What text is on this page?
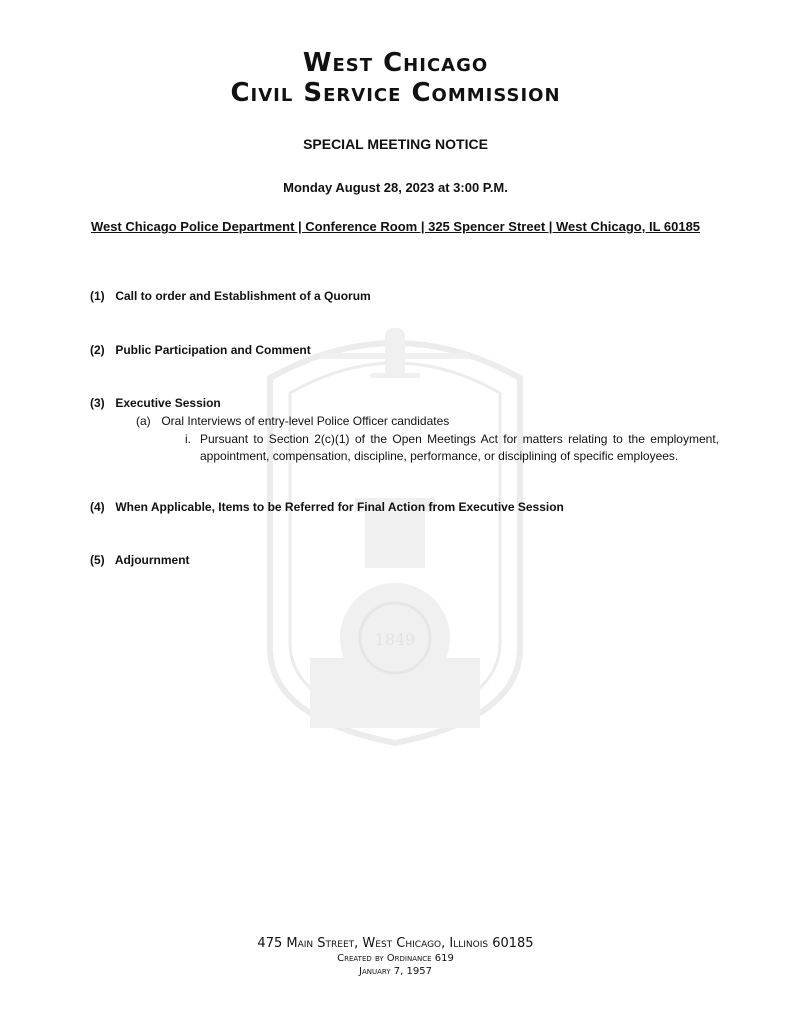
1849
West Chicago
Civil Service Commission
SPECIAL MEETING NOTICE
Monday August 28, 2023 at 3:00 P.M.
West Chicago Police Department | Conference Room | 325 Spencer Street | West Chicago, IL 60185
(1) Call to order and Establishment of a Quorum
(2) Public Participation and Comment
(3) Executive Session
(a) Oral Interviews of entry-level Police Officer candidates
i. Pursuant to Section 2(c)(1) of the Open Meetings Act for matters relating to the employment, appointment, compensation, discipline, performance, or disciplining of specific employees.
(4) When Applicable, Items to be Referred for Final Action from Executive Session
(5) Adjournment
475 Main Street, West Chicago, Illinois 60185
Created by Ordinance 619
January 7, 1957
